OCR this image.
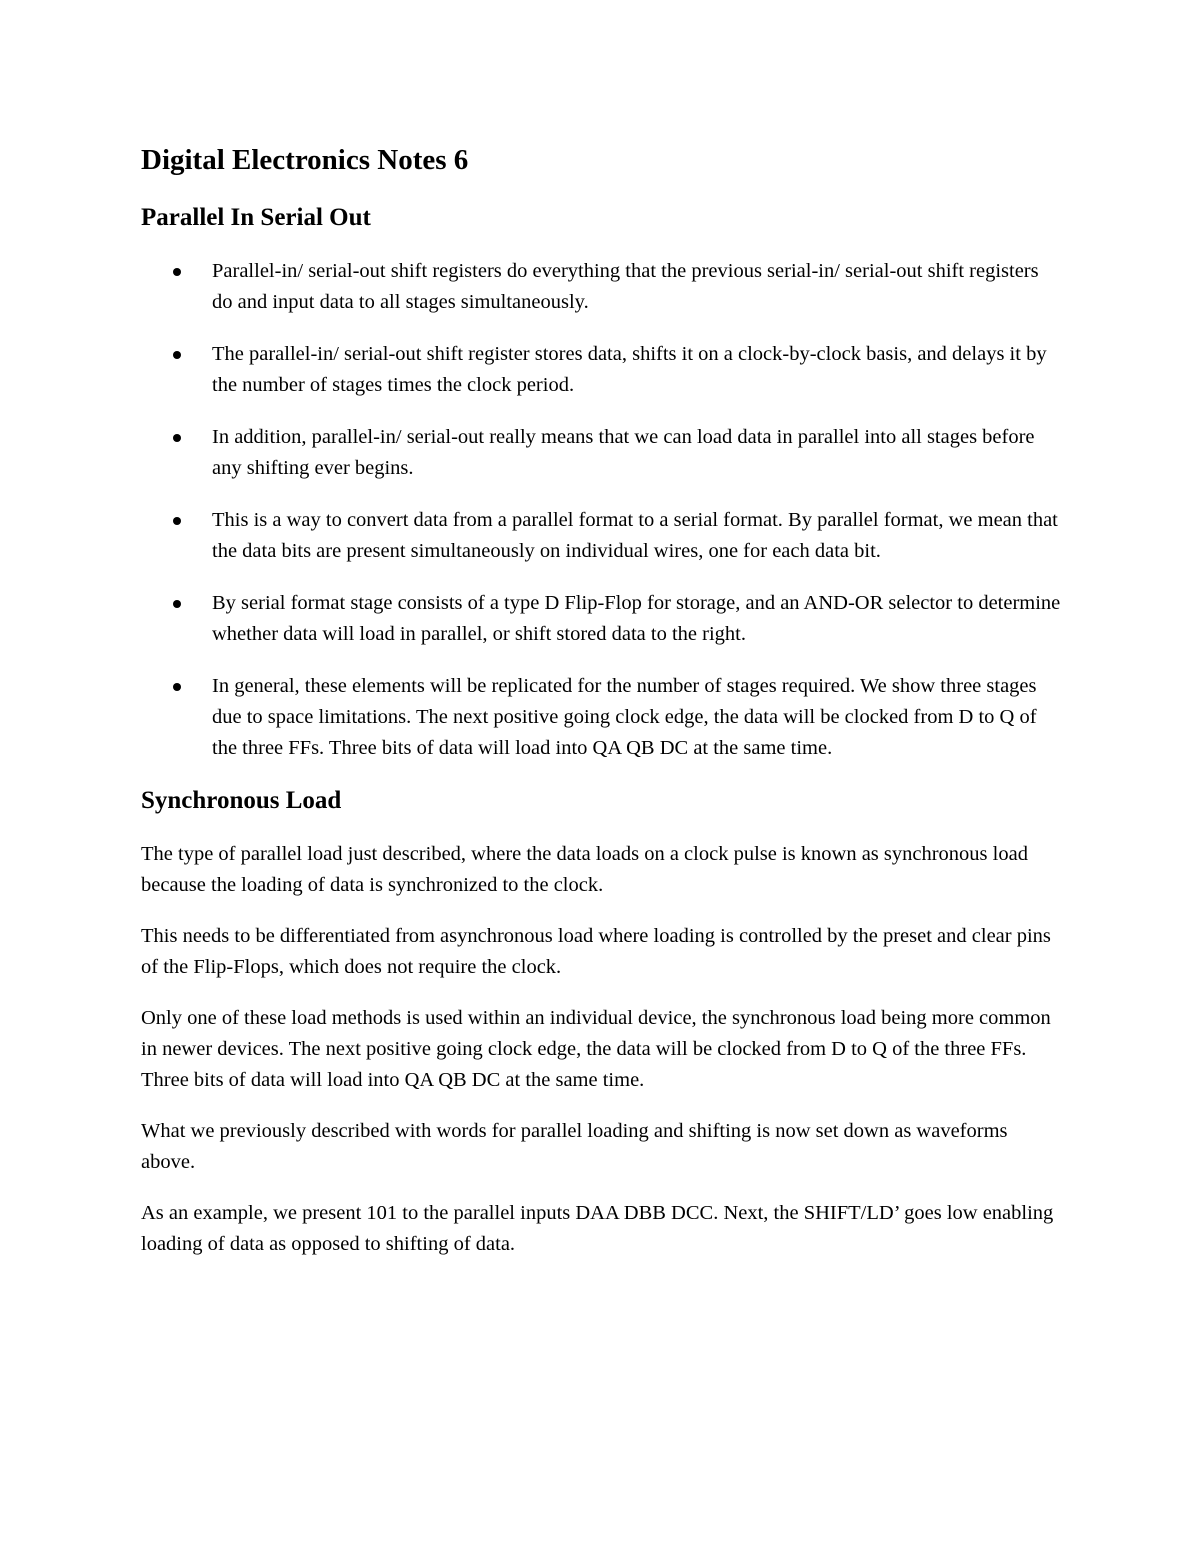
Digital Electronics Notes 6
Parallel In Serial Out
Parallel-in/ serial-out shift registers do everything that the previous serial-in/ serial-out shift registers do and input data to all stages simultaneously.
The parallel-in/ serial-out shift register stores data, shifts it on a clock-by-clock basis, and delays it by the number of stages times the clock period.
In addition, parallel-in/ serial-out really means that we can load data in parallel into all stages before any shifting ever begins.
This is a way to convert data from a parallel format to a serial format. By parallel format, we mean that the data bits are present simultaneously on individual wires, one for each data bit.
By serial format stage consists of a type D Flip-Flop for storage, and an AND-OR selector to determine whether data will load in parallel, or shift stored data to the right.
In general, these elements will be replicated for the number of stages required. We show three stages due to space limitations. The next positive going clock edge, the data will be clocked from D to Q of the three FFs. Three bits of data will load into QA QB DC at the same time.
Synchronous Load

The type of parallel load just described, where the data loads on a clock pulse is known as synchronous load because the loading of data is synchronized to the clock.

This needs to be differentiated from asynchronous load where loading is controlled by the preset and clear pins of the Flip-Flops, which does not require the clock.

Only one of these load methods is used within an individual device, the synchronous load being more common in newer devices. The next positive going clock edge, the data will be clocked from D to Q of the three FFs. Three bits of data will load into QA QB DC at the same time.

What we previously described with words for parallel loading and shifting is now set down as waveforms above.

As an example, we present 101 to the parallel inputs DAA DBB DCC. Next, the SHIFT/LD’ goes low enabling loading of data as opposed to shifting of data.
